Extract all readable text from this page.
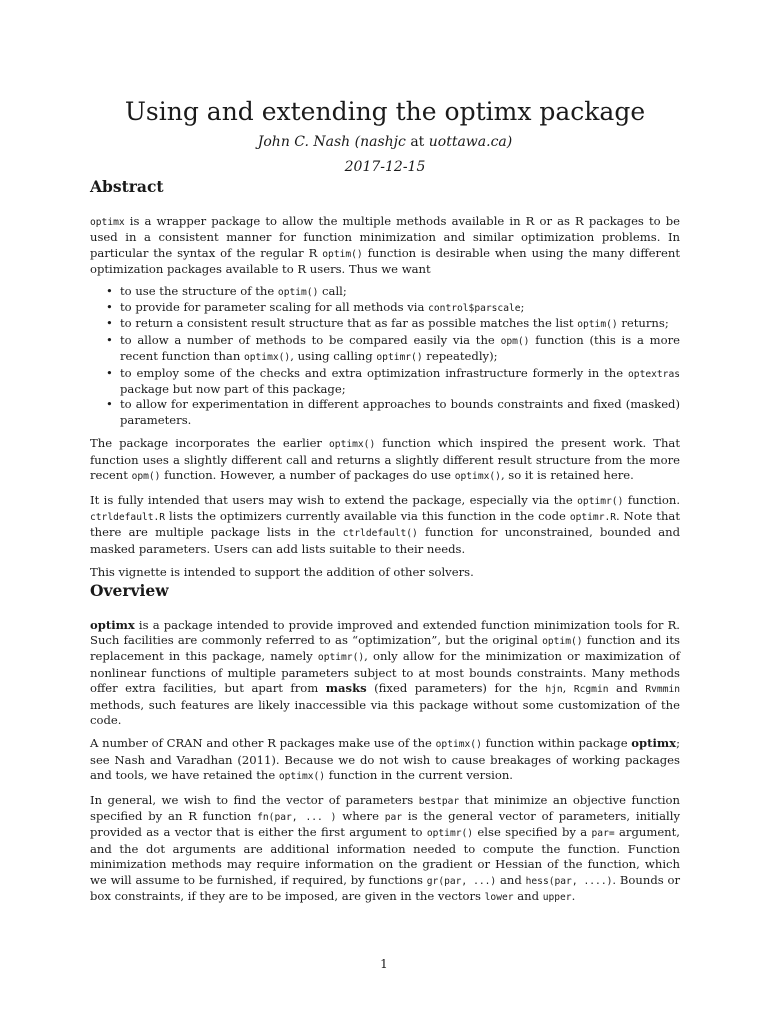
Using and extending the optimx package
John C. Nash (nashjc at uottawa.ca)
2017-12-15
Abstract

optimx is a wrapper package to allow the multiple methods available in R or as R packages to be used in a consistent manner for function minimization and similar optimization problems. In particular the syntax of the regular R optim() function is desirable when using the many different optimization packages available to R users. Thus we want

• to use the structure of the optim() call;
• to provide for parameter scaling for all methods via control$parscale;
• to return a consistent result structure that as far as possible matches the list optim() returns;
• to allow a number of methods to be compared easily via the opm() function (this is a more recent function than optimx(), using calling optimr() repeatedly);
• to employ some of the checks and extra optimization infrastructure formerly in the optextras package but now part of this package;
• to allow for experimentation in different approaches to bounds constraints and fixed (masked) parameters.

The package incorporates the earlier optimx() function which inspired the present work. That function uses a slightly different call and returns a slightly different result structure from the more recent opm() function. However, a number of packages do use optimx(), so it is retained here.

It is fully intended that users may wish to extend the package, especially via the optimr() function. ctrldefault.R lists the optimizers currently available via this function in the code optimr.R. Note that there are multiple package lists in the ctrldefault() function for unconstrained, bounded and masked parameters. Users can add lists suitable to their needs.

This vignette is intended to support the addition of other solvers.

Overview

optimx is a package intended to provide improved and extended function minimization tools for R. Such facilities are commonly referred to as “optimization”, but the original optim() function and its replacement in this package, namely optimr(), only allow for the minimization or maximization of nonlinear functions of multiple parameters subject to at most bounds constraints. Many methods offer extra facilities, but apart from masks (fixed parameters) for the hjn, Rcgmin and Rvmmin methods, such features are likely inaccessible via this package without some customization of the code.

A number of CRAN and other R packages make use of the optimx() function within package optimx; see Nash and Varadhan (2011). Because we do not wish to cause breakages of working packages and tools, we have retained the optimx() function in the current version.

In general, we wish to find the vector of parameters bestpar that minimize an objective function specified by an R function fn(par, ... ) where par is the general vector of parameters, initially provided as a vector that is either the first argument to optimr() else specified by a par= argument, and the dot arguments are additional information needed to compute the function. Function minimization methods may require information on the gradient or Hessian of the function, which we will assume to be furnished, if required, by functions gr(par, ...) and hess(par, ....). Bounds or box constraints, if they are to be imposed, are given in the vectors lower and upper.

1
